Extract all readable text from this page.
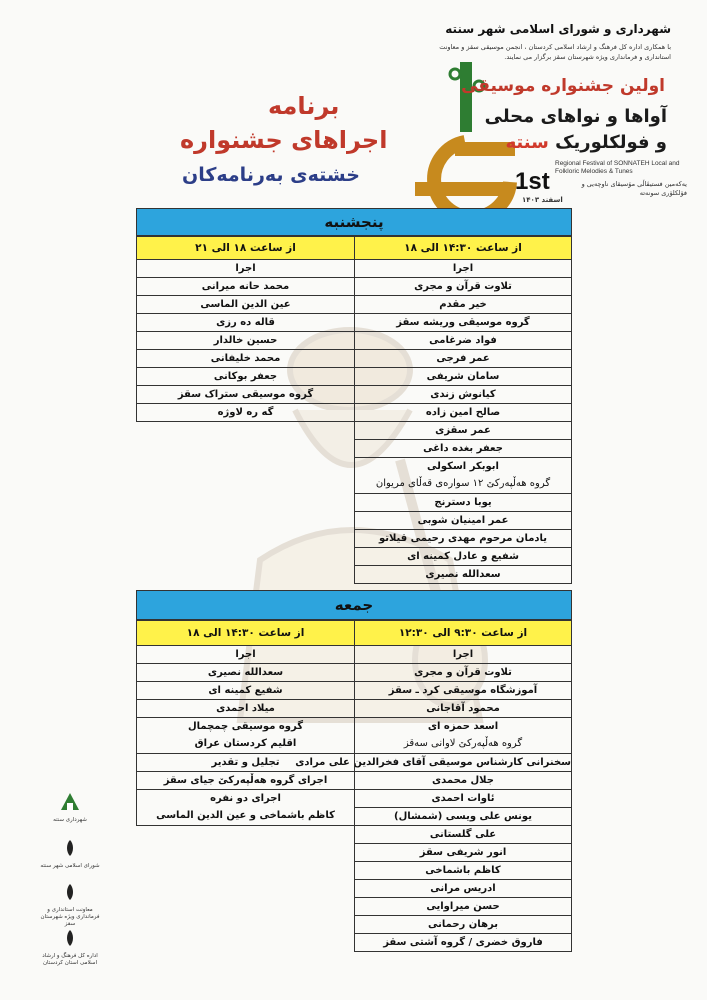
شهرداری و شورای اسلامی شهر سنته
با همکاری اداره کل فرهنگ و ارشاد اسلامی کردستان ، انجمن موسیقی سقز و معاونت استانداری و فرمانداری ویژه شهرستان سقز برگزار می نمایند.
اولین جشنواره موسیقی
آواها و نواهای محلی
و فولکلوریک سنته
Regional Festival of SONNATEH Local and Folkloric Melodies & Tunes
1st	یەکەمین فستیڤاڵی مۆسیقای ناوچەیی و فۆلکلۆری سونەتە
اسفند ۱۴۰۳
برنامه
اجراهای جشنواره
خشتەی بەرنامەکان
پنجشنبه
از ساعت ۱۴:۳۰ الی ۱۸
از ساعت ۱۸ الی ۲۱
اجرا
تلاوت قرآن و مجری
خیر مقدم
گروه موسیقی وریشه سقز
فواد ضرغامی
عمر فرجی
سامان شریفی
کیانوش زندی
صالح امین زاده
عمر سقزی
جعفر بغده داغی
ابوبکر اسکولی
گروه هەڵپەرکێ ١٢ سوارەی قەڵای مریوان
یوبا دسترنج
عمر امینیان شوبی
یادمان مرحوم مهدی رحیمی قیلاتو
شفیع و عادل کمینه ای
سعدالله نصیری
اجرا
محمد حانه میرانی
عین الدین الماسی
قاله ده رزی
حسین خالدار
محمد خلیفانی
جعفر بوکانی
گروه موسیقی ستراک سقز
گه ره لاوژه
جمعه
از ساعت ۹:۳۰ الی ۱۲:۳۰
از ساعت ۱۴:۳۰ الی ۱۸
اجرا
تلاوت قرآن و مجری
آموزشگاه موسیقی کرد ـ سقز
محمود آقاجانی
اسعد حمزه ای
گروه هەڵپەرکێ لاوانی سەقز
سخنرانی کارشناس موسیقی آقای فخرالدین علی مرادی
جلال محمدی
ئاوات احمدی
یونس علی ویسی (شمشال)
علی گلستانی
انور شریفی سقز
کاظم باشماخی
ادریس مرانی
حسن میراوایی
برهان رحمانی
فاروق خضری / گروه آشتی سقز
اجرا
سعدالله نصیری
شفیع کمینه ای
میلاد احمدی
گروه موسیقی چمچمال
اقلیم کردستان عراق
تجلیل و تقدیر
اجرای گروه هەڵپەرکێ جیای سقز
اجرای دو نفره
کاظم باشماخی و عین الدین الماسی
شهرداری سنته
شورای اسلامی شهر سنته
معاونت استانداری و فرمانداری ویژه شهرستان سقز
اداره کل فرهنگ و ارشاد اسلامی استان کردستان
